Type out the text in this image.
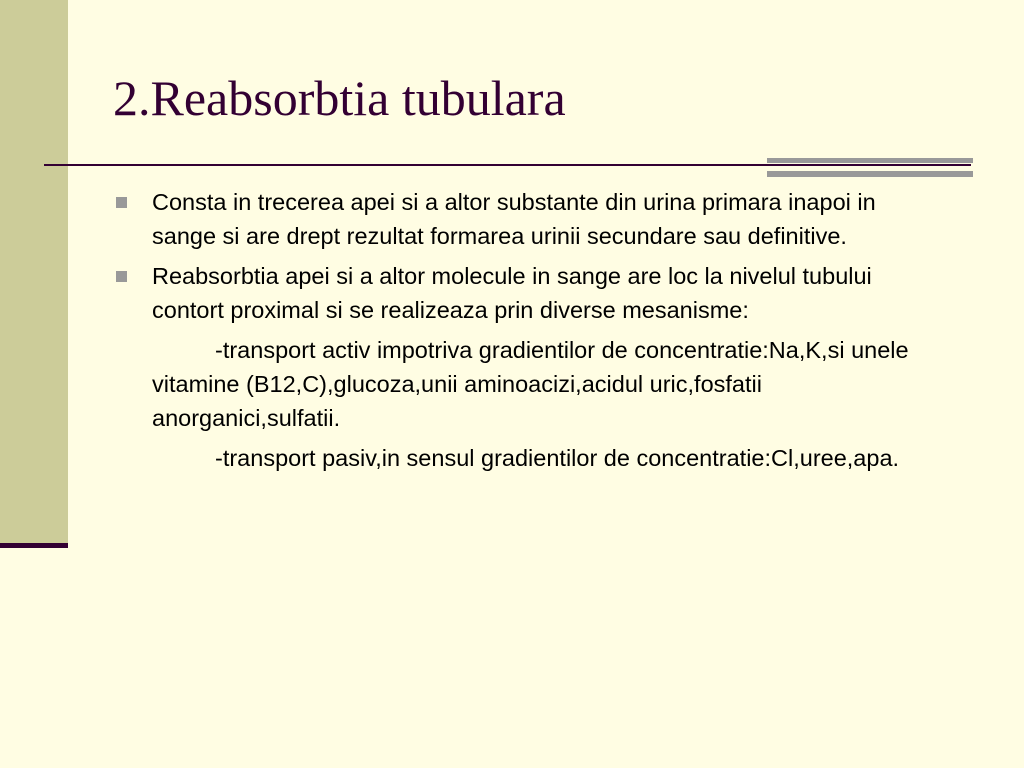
2.Reabsorbtia tubulara
Consta in trecerea apei si a altor substante din urina primara inapoi in sange si are drept rezultat formarea urinii secundare sau definitive.
Reabsorbtia apei si a altor molecule in sange are loc la nivelul tubului contort proximal si se realizeaza prin diverse mesanisme:
-transport activ impotriva gradientilor de concentratie:Na,K,si unele vitamine (B12,C),glucoza,unii aminoacizi,acidul uric,fosfatii anorganici,sulfatii.
-transport pasiv,in sensul gradientilor de concentratie:Cl,uree,apa.
